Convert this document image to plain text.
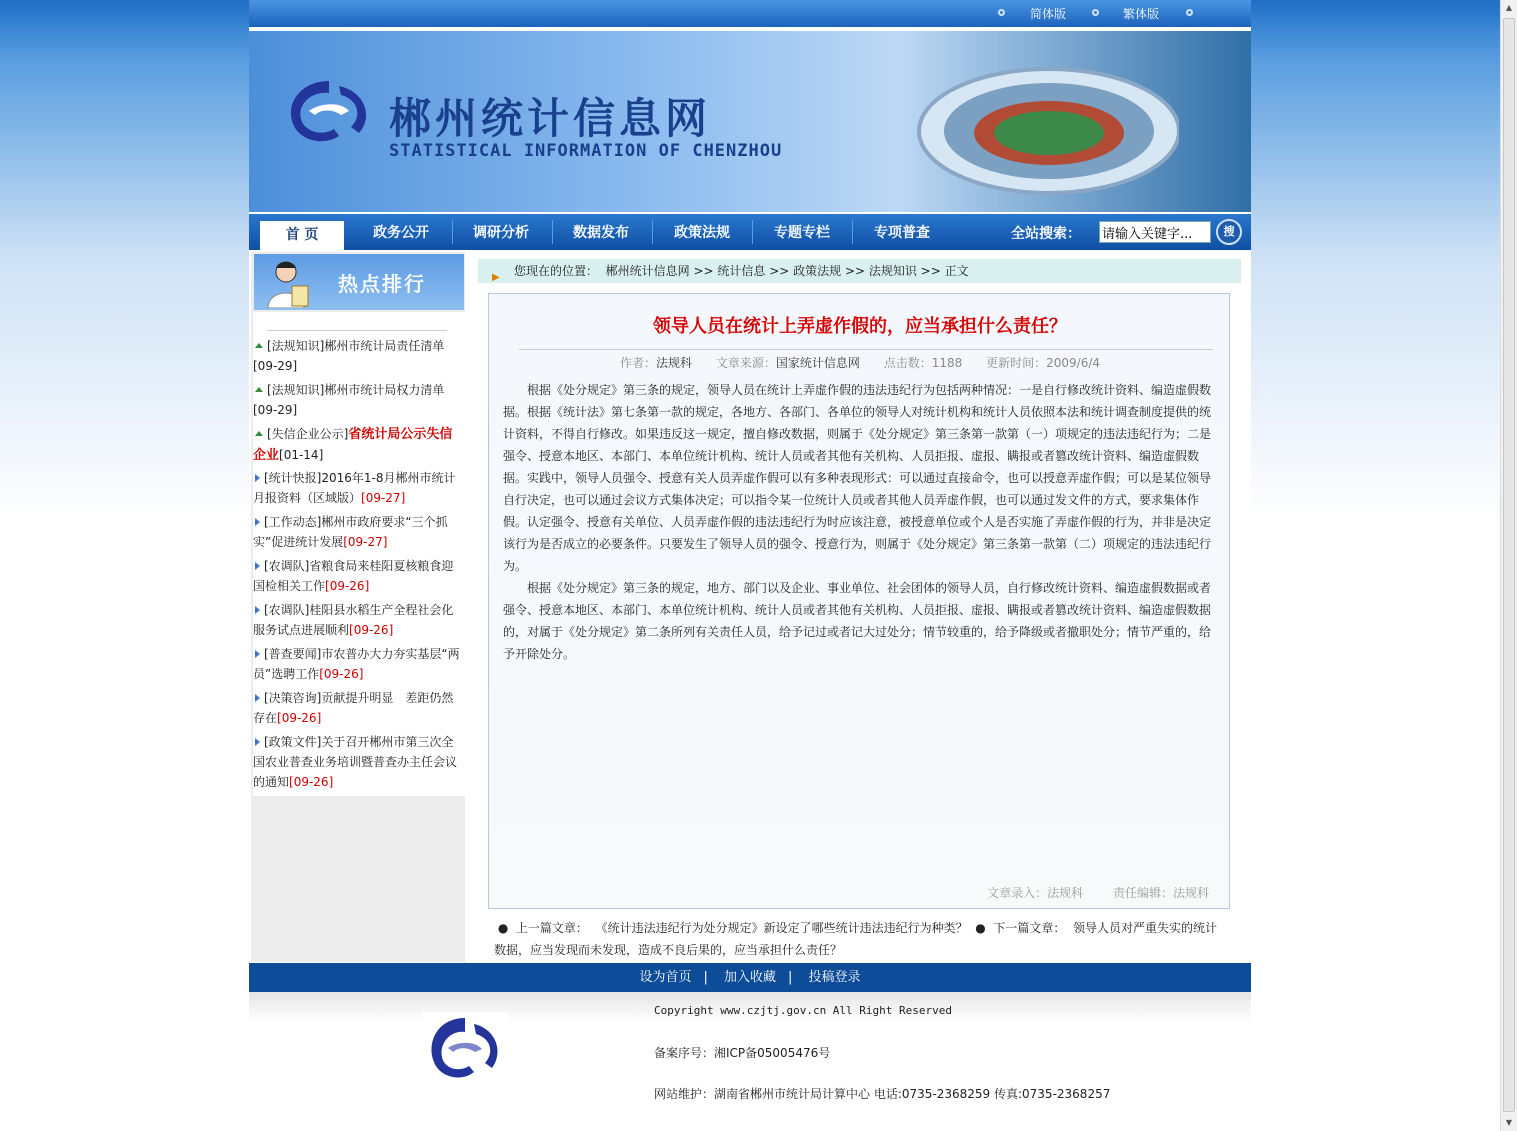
▲
▼
简体版	繁体版
郴州统计信息网
STATISTICAL INFORMATION OF CHENZHOU
首 页	政务公开	调研分析	数据发布	政策法规	专题专栏	专项普查	全站搜索：
请输入关键字...	搜
热点排行
[法规知识]郴州市统计局责任清单
[09-29]
[法规知识]郴州市统计局权力清单
[09-29]
[失信企业公示]省统计局公示失信企业[01-14]
[统计快报]2016年1-8月郴州市统计月报资料（区域版）[09-27]
[工作动态]郴州市政府要求“三个抓实”促进统计发展[09-27]
[农调队]省粮食局来桂阳夏核粮食迎国检相关工作[09-26]
[农调队]桂阳县水稻生产全程社会化服务试点进展顺利[09-26]
[普查要闻]市农普办大力夯实基层“两员”选聘工作[09-26]
[决策咨询]贡献提升明显　差距仍然存在[09-26]
[政策文件]关于召开郴州市第三次全国农业普查业务培训暨普查办主任会议的通知[09-26]
▶ 您现在的位置： 郴州统计信息网 >> 统计信息 >> 政策法规 >> 法规知识 >> 正文
领导人员在统计上弄虚作假的，应当承担什么责任？
作者：法规科 文章来源：国家统计信息网 点击数：1188 更新时间：2009/6/4

根据《处分规定》第三条的规定，领导人员在统计上弄虚作假的违法违纪行为包括两种情况：一是自行修改统计资料、编造虚假数据。根据《统计法》第七条第一款的规定，各地方、各部门、各单位的领导人对统计机构和统计人员依照本法和统计调查制度提供的统计资料，不得自行修改。如果违反这一规定，擅自修改数据，则属于《处分规定》第三条第一款第（一）项规定的违法违纪行为；二是强令、授意本地区、本部门、本单位统计机构、统计人员或者其他有关机构、人员拒报、虚报、瞒报或者篡改统计资料、编造虚假数据。实践中，领导人员强令、授意有关人员弄虚作假可以有多种表现形式：可以通过直接命令，也可以授意弄虚作假；可以是某位领导自行决定，也可以通过会议方式集体决定；可以指令某一位统计人员或者其他人员弄虚作假，也可以通过发文件的方式，要求集体作假。认定强令、授意有关单位、人员弄虚作假的违法违纪行为时应该注意，被授意单位或个人是否实施了弄虚作假的行为，并非是决定该行为是否成立的必要条件。只要发生了领导人员的强令、授意行为，则属于《处分规定》第三条第一款第（二）项规定的违法违纪行为。

根据《处分规定》第三条的规定，地方、部门以及企业、事业单位、社会团体的领导人员，自行修改统计资料、编造虚假数据或者强令、授意本地区、本部门、本单位统计机构、统计人员或者其他有关机构、人员拒报、虚报、瞒报或者篡改统计资料、编造虚假数据的，对属于《处分规定》第二条所列有关责任人员，给予记过或者记大过处分；情节较重的，给予降级或者撤职处分；情节严重的，给予开除处分。

文章录入：法规科 责任编辑：法规科
●  上一篇文章： 《统计违法违纪行为处分规定》新设定了哪些统计违法违纪行为种类？  ●  下一篇文章： 领导人员对严重失实的统计数据，应当发现而未发现，造成不良后果的，应当承担什么责任？
设为首页 | 加入收藏 | 投稿登录
Copyright www.czjtj.gov.cn All Right Reserved
备案序号：湘ICP备05005476号
网站维护：湖南省郴州市统计局计算中心 电话:0735-2368259 传真:0735-2368257
